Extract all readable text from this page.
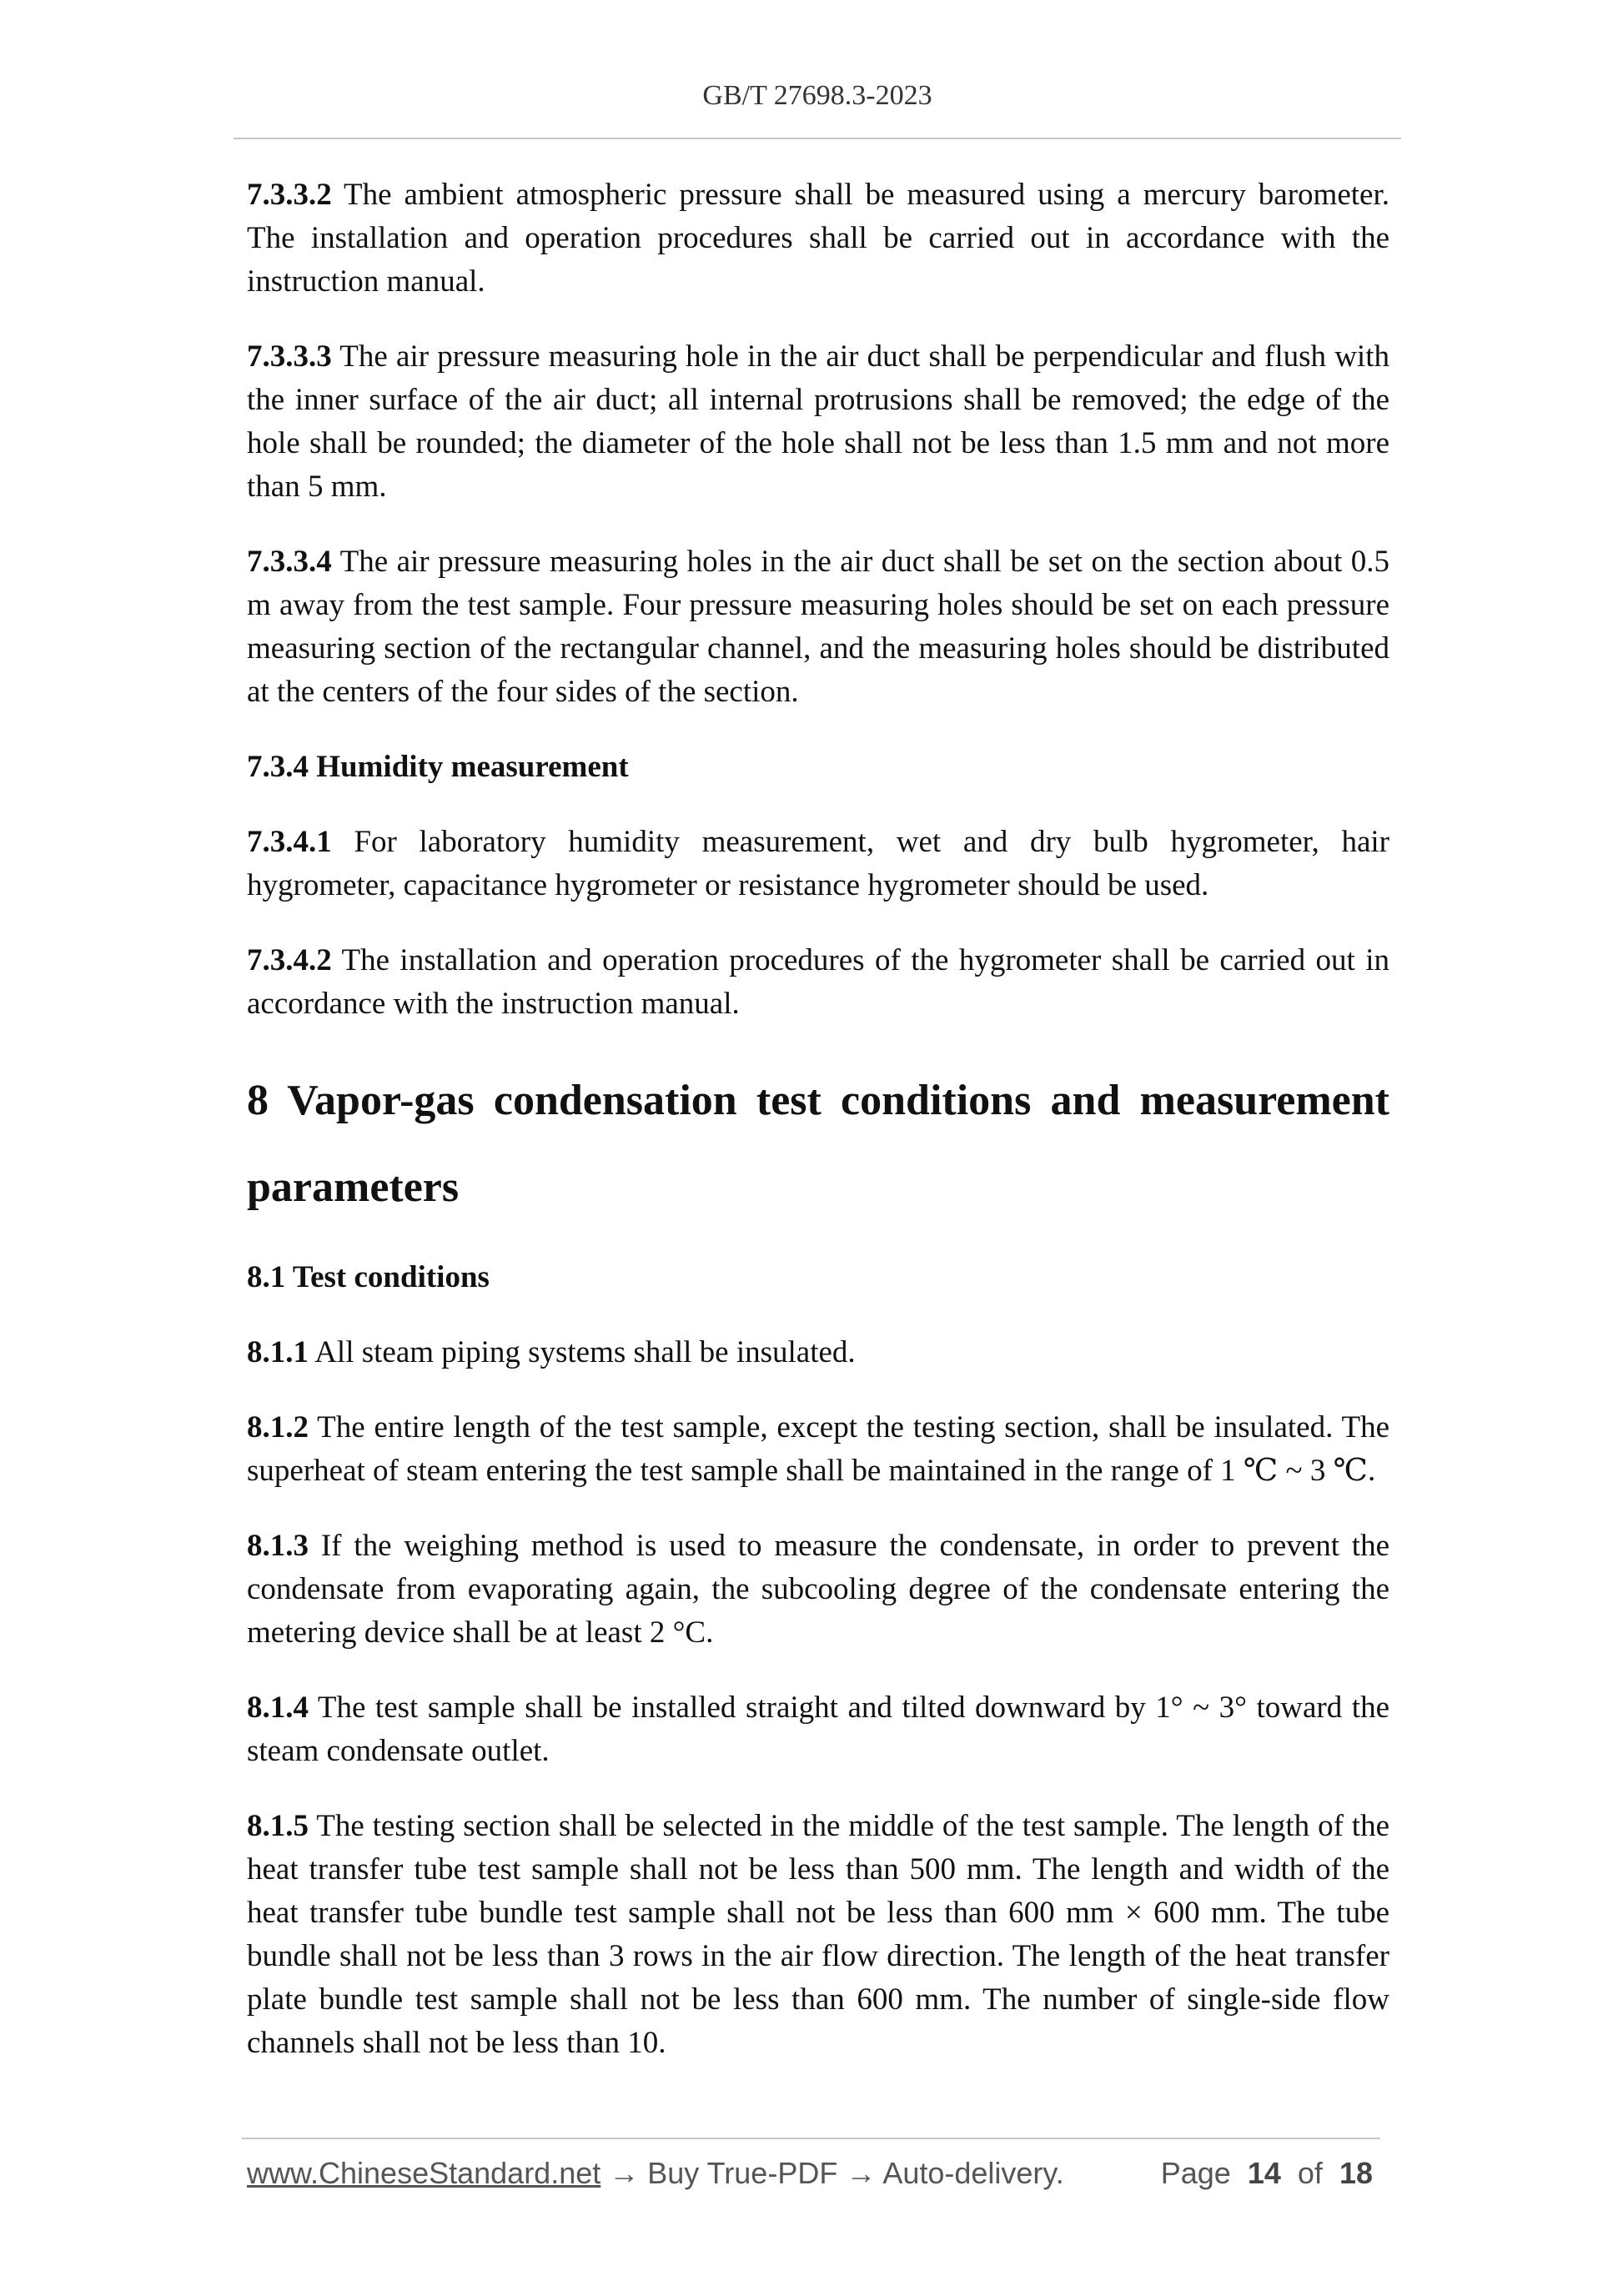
GB/T 27698.3-2023

7.3.3.2 The ambient atmospheric pressure shall be measured using a mercury barometer. The installation and operation procedures shall be carried out in accordance with the instruction manual.

7.3.3.3 The air pressure measuring hole in the air duct shall be perpendicular and flush with the inner surface of the air duct; all internal protrusions shall be removed; the edge of the hole shall be rounded; the diameter of the hole shall not be less than 1.5 mm and not more than 5 mm.

7.3.3.4 The air pressure measuring holes in the air duct shall be set on the section about 0.5 m away from the test sample. Four pressure measuring holes should be set on each pressure measuring section of the rectangular channel, and the measuring holes should be distributed at the centers of the four sides of the section.

7.3.4 Humidity measurement

7.3.4.1 For laboratory humidity measurement, wet and dry bulb hygrometer, hair hygrometer, capacitance hygrometer or resistance hygrometer should be used.

7.3.4.2 The installation and operation procedures of the hygrometer shall be carried out in accordance with the instruction manual.

8 Vapor-gas condensation test conditions and measurement parameters
8.1 Test conditions

8.1.1 All steam piping systems shall be insulated.

8.1.2 The entire length of the test sample, except the testing section, shall be insulated. The superheat of steam entering the test sample shall be maintained in the range of 1 ℃ ~ 3 ℃.

8.1.3 If the weighing method is used to measure the condensate, in order to prevent the condensate from evaporating again, the subcooling degree of the condensate entering the metering device shall be at least 2 °C.

8.1.4 The test sample shall be installed straight and tilted downward by 1° ~ 3° toward the steam condensate outlet.

8.1.5 The testing section shall be selected in the middle of the test sample. The length of the heat transfer tube test sample shall not be less than 500 mm. The length and width of the heat transfer tube bundle test sample shall not be less than 600 mm × 600 mm. The tube bundle shall not be less than 3 rows in the air flow direction. The length of the heat transfer plate bundle test sample shall not be less than 600 mm. The number of single-side flow channels shall not be less than 10.

www.ChineseStandard.net → Buy True-PDF → Auto-delivery.	Page 14 of 18
